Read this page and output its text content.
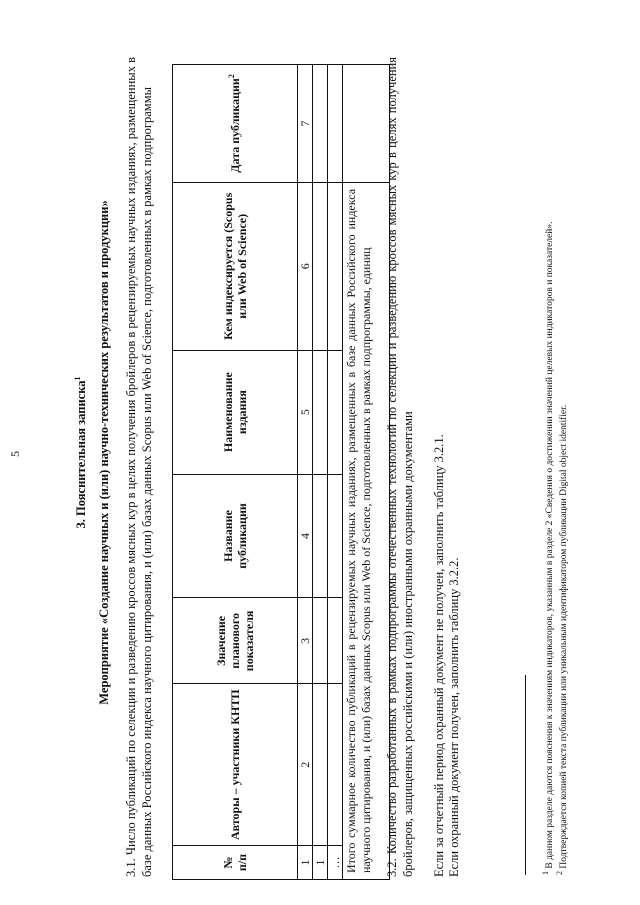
5	3. Пояснительная записка$^1$	Мероприятие «Создание научных и (или) научно-технических результатов и продукции» 3.1. Число публикаций по селекции и разведению кроссов мясных кур в целях получения бройлеров в рецензируемых научных изданиях, размещенных в базе данных Российского индекса научного цитирования, и (или) базах данных Scopus или Web of Science, подготовленных в рамках подпрограммы	№ п/п	Авторы – участники КНТП	Значение планового показателя	Название публикации	Наименование издания	Кем индексируется (Scopus или Web of Science)	Дата публикации$^2$
1	2	3	4	5	6	7
1						
…						
Итого суммарное количество публикаций в рецензируемых научных изданиях, размещенных в базе данных Российского индекса научного цитирования, и (или) базах данных Scopus или Web of Science, подготовленных в рамках подпрограммы, единиц						3.2. Количество разработанных в рамках подпрограммы отечественных технологий по селекции и разведению кроссов мясных кур в целях получения бройлеров, защищенных российскими и (или) иностранными охранными документами Если за отчетный период охранный документ не получен, заполнить таблицу 3.2.1. Если охранный документ получен, заполнить таблицу 3.2.2.	$^1$ В данном разделе даются пояснения к значениям индикаторов, указанным в разделе 2 «Сведения о достижении значений целевых индикаторов и показателей».
$^2$ Подтверждается копией текста публикации или уникальным идентификатором публикации Digital object identifier.
